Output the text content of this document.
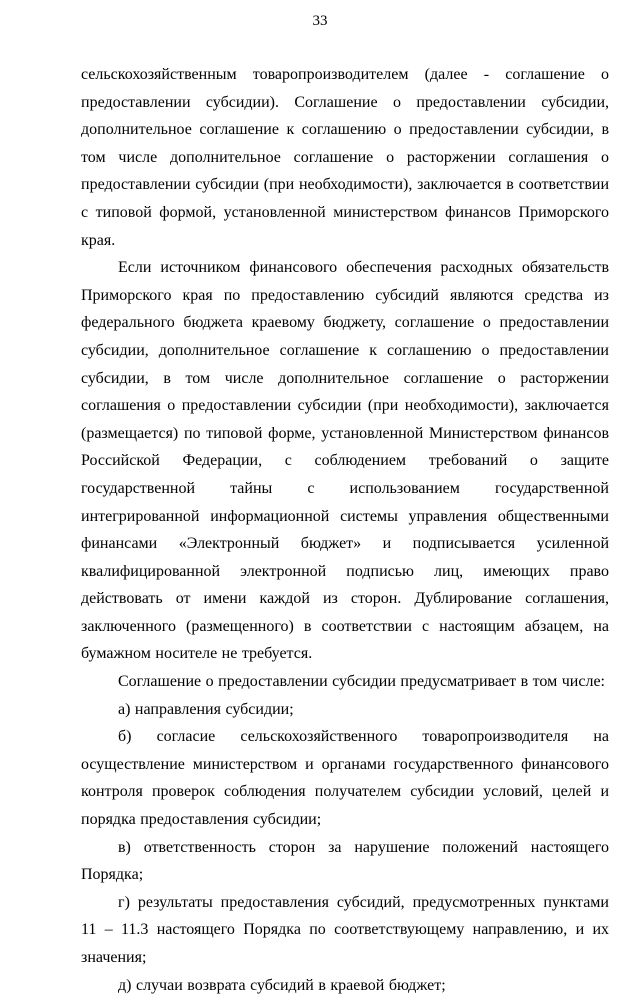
33

сельскохозяйственным товаропроизводителем (далее - соглашение о предоставлении субсидии). Соглашение о предоставлении субсидии, дополнительное соглашение к соглашению о предоставлении субсидии, в том числе дополнительное соглашение о расторжении соглашения о предоставлении субсидии (при необходимости), заключается в соответствии с типовой формой, установленной министерством финансов Приморского края.

Если источником финансового обеспечения расходных обязательств Приморского края по предоставлению субсидий являются средства из федерального бюджета краевому бюджету, соглашение о предоставлении субсидии, дополнительное соглашение к соглашению о предоставлении субсидии, в том числе дополнительное соглашение о расторжении соглашения о предоставлении субсидии (при необходимости), заключается (размещается) по типовой форме, установленной Министерством финансов Российской Федерации, с соблюдением требований о защите государственной тайны с использованием государственной интегрированной информационной системы управления общественными финансами «Электронный бюджет» и подписывается усиленной квалифицированной электронной подписью лиц, имеющих право действовать от имени каждой из сторон. Дублирование соглашения, заключенного (размещенного) в соответствии с настоящим абзацем, на бумажном носителе не требуется.

Соглашение о предоставлении субсидии предусматривает в том числе:

а) направления субсидии;

б) согласие сельскохозяйственного товаропроизводителя на осуществление министерством и органами государственного финансового контроля проверок соблюдения получателем субсидии условий, целей и порядка предоставления субсидии;

в) ответственность сторон за нарушение положений настоящего Порядка;

г) результаты предоставления субсидий, предусмотренных пунктами 11 – 11.3 настоящего Порядка по соответствующему направлению, и их значения;

д) случаи возврата субсидий в краевой бюджет;
